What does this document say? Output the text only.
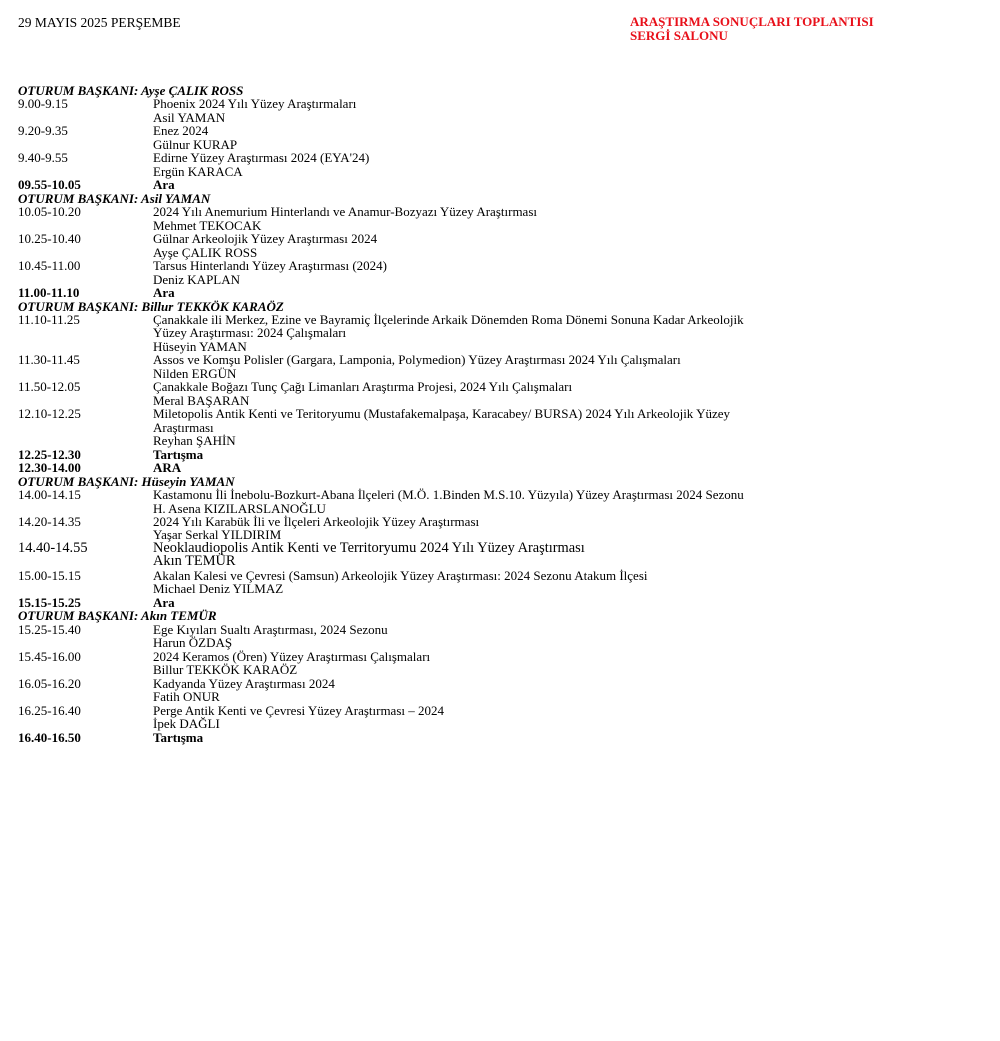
29 MAYIS 2025 PERŞEMBE	ARAŞTIRMA SONUÇLARI TOPLANTISI
SERGİ SALONU
OTURUM BAŞKANI: Ayşe ÇALIK ROSS
9.00-9.15	Phoenix 2024 Yılı Yüzey Araştırmaları
Asil YAMAN
9.20-9.35	Enez 2024
Gülnur KURAP
9.40-9.55	Edirne Yüzey Araştırması 2024 (EYA'24)
Ergün KARACA
09.55-10.05	Ara
OTURUM BAŞKANI: Asil YAMAN
10.05-10.20	2024 Yılı Anemurium Hinterlandı ve Anamur-Bozyazı Yüzey Araştırması
Mehmet TEKOCAK
10.25-10.40	Gülnar Arkeolojik Yüzey Araştırması 2024
Ayşe ÇALIK ROSS
10.45-11.00	Tarsus Hinterlandı Yüzey Araştırması (2024)
Deniz KAPLAN
11.00-11.10	Ara
OTURUM BAŞKANI: Billur TEKKÖK KARAÖZ
11.10-11.25	Çanakkale ili Merkez, Ezine ve Bayramiç İlçelerinde Arkaik Dönemden Roma Dönemi Sonuna Kadar Arkeolojik
Yüzey Araştırması: 2024 Çalışmaları
Hüseyin YAMAN
11.30-11.45	Assos ve Komşu Polisler (Gargara, Lamponia, Polymedion) Yüzey Araştırması 2024 Yılı Çalışmaları
Nilden ERGÜN
11.50-12.05	Çanakkale Boğazı Tunç Çağı Limanları Araştırma Projesi, 2024 Yılı Çalışmaları
Meral BAŞARAN
12.10-12.25	Miletopolis Antik Kenti ve Teritoryumu (Mustafakemalpaşa, Karacabey/ BURSA) 2024 Yılı Arkeolojik Yüzey
Araştırması
Reyhan ŞAHİN
12.25-12.30	Tartışma
12.30-14.00	ARA
OTURUM BAŞKANI: Hüseyin YAMAN
14.00-14.15	Kastamonu İli İnebolu-Bozkurt-Abana İlçeleri (M.Ö. 1.Binden M.S.10. Yüzyıla) Yüzey Araştırması 2024 Sezonu
H. Asena KIZILARSLANOĞLU
14.20-14.35	2024 Yılı Karabük İli ve İlçeleri Arkeolojik Yüzey Araştırması
Yaşar Serkal YILDIRIM
14.40-14.55	Neoklaudiopolis Antik Kenti ve Territoryumu 2024 Yılı Yüzey Araştırması
Akın TEMÜR
15.00-15.15	Akalan Kalesi ve Çevresi (Samsun) Arkeolojik Yüzey Araştırması: 2024 Sezonu Atakum İlçesi
Michael Deniz YILMAZ
15.15-15.25	Ara
OTURUM BAŞKANI: Akın TEMÜR
15.25-15.40	Ege Kıyıları Sualtı Araştırması, 2024 Sezonu
Harun ÖZDAŞ
15.45-16.00	2024 Keramos (Ören) Yüzey Araştırması Çalışmaları
Billur TEKKÖK KARAÖZ
16.05-16.20	Kadyanda Yüzey Araştırması 2024
Fatih ONUR
16.25-16.40	Perge Antik Kenti ve Çevresi Yüzey Araştırması – 2024
İpek DAĞLI
16.40-16.50	Tartışma
